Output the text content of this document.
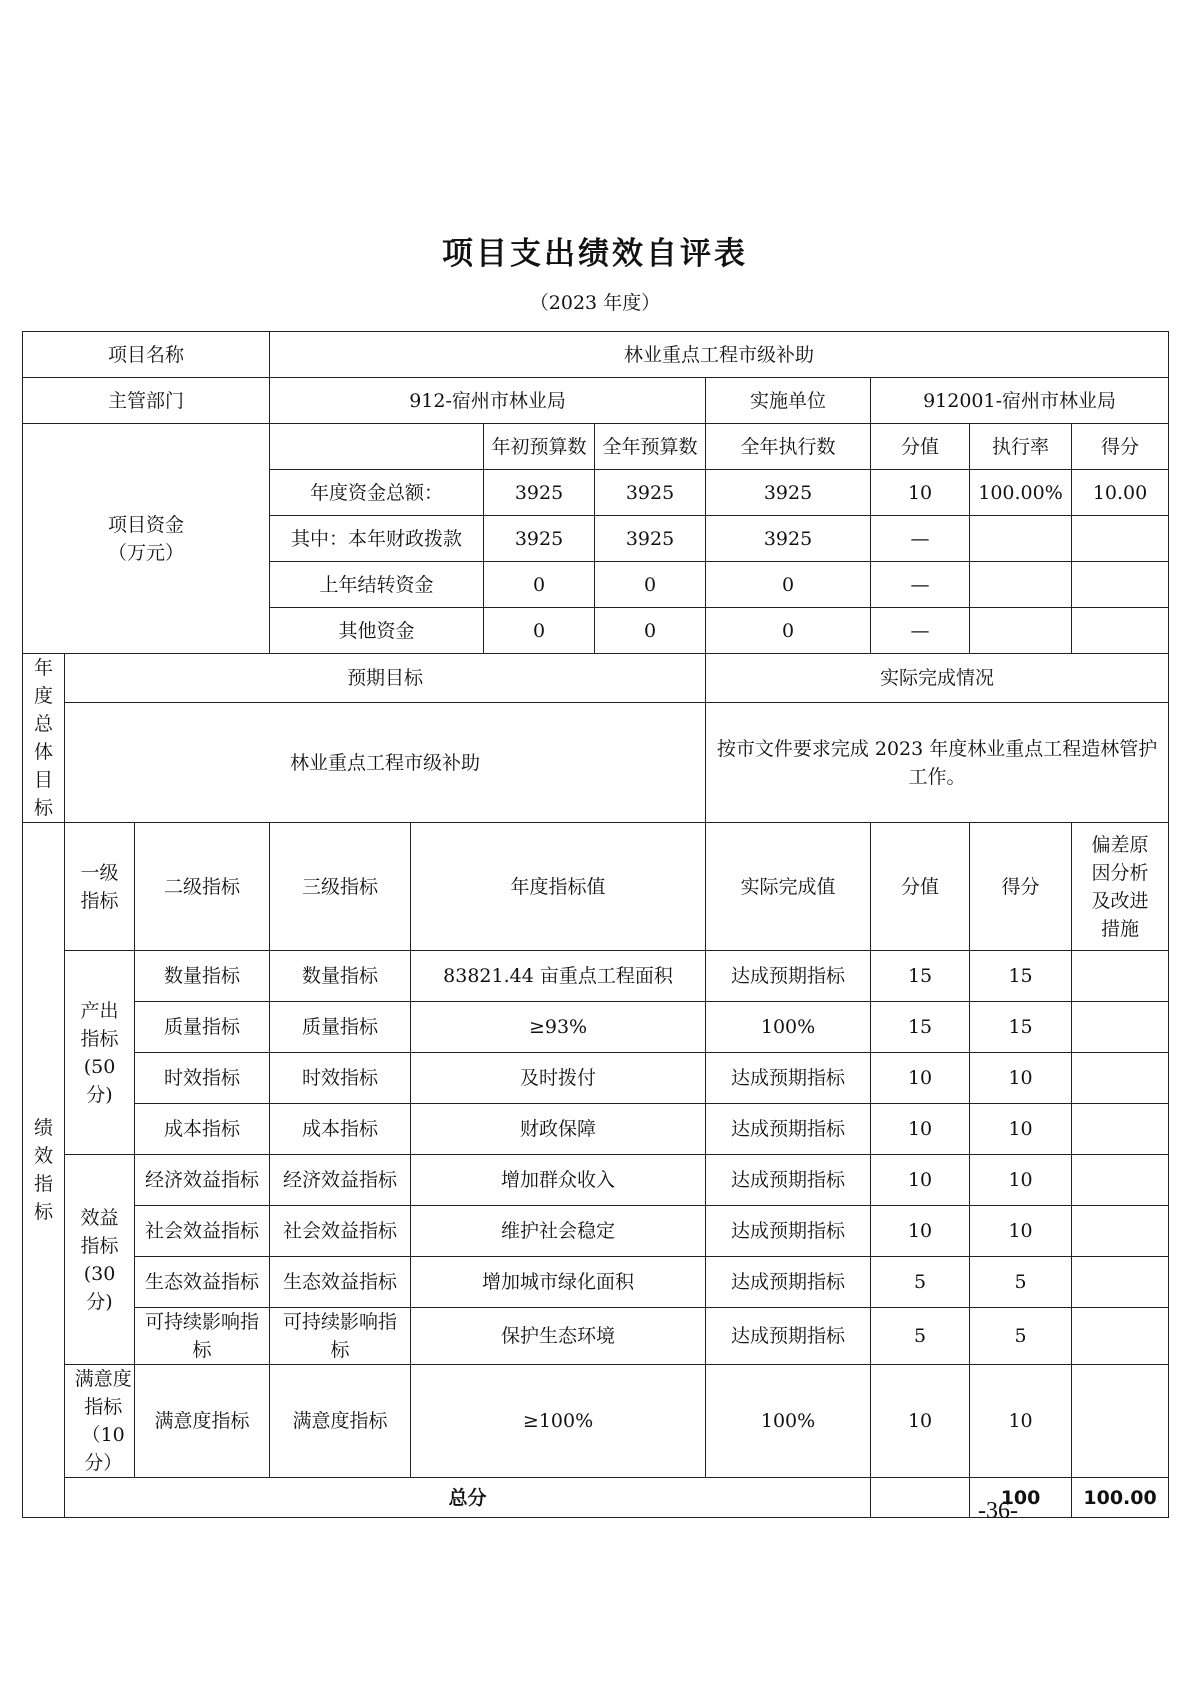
项目支出绩效自评表
（2023 年度）
项目名称			林业重点工程市级补助								
主管部门			912-宿州市林业局				实施单位	912001-宿州市林业局			
项目资金
（万元）					年初预算数	全年预算数	全年执行数	分值	执行率	得分	
			年度资金总额：		3925	3925	3925	10	100.00%	10.00	
			其中：本年财政拨款		3925	3925	3925	—			
			上年结转资金		0	0	0	—			
			其他资金		0	0	0	—			

年度总体目标	预期目标						实际完成情况				
	林业重点工程市级补助						按市文件要求完成 2023 年度林业重点工程造林管护工作。				

绩效指标	一级指标	二级指标	三级指标	年度指标值			实际完成值	分值	得分	偏差原因分析及改进措施	

	产出指标(50分)	数量指标	数量指标	83821.44 亩重点工程面积			达成预期指标	15	15		
		质量指标	质量指标	≥93%			100%	15	15		
		时效指标	时效指标	及时拨付			达成预期指标	10	10		
		成本指标	成本指标	财政保障			达成预期指标	10	10		

	效益指标(30分)	经济效益指标	经济效益指标	增加群众收入			达成预期指标	10	10		
		社会效益指标	社会效益指标	维护社会稳定			达成预期指标	10	10		
		生态效益指标	生态效益指标	增加城市绿化面积			达成预期指标	5	5		
		可持续影响指标	可持续影响指标	保护生态环境			达成预期指标	5	5		

	满意度指标（10 分）	满意度指标	满意度指标	≥100%			100%	10	10		
	总分								100	100.00	
-36-
